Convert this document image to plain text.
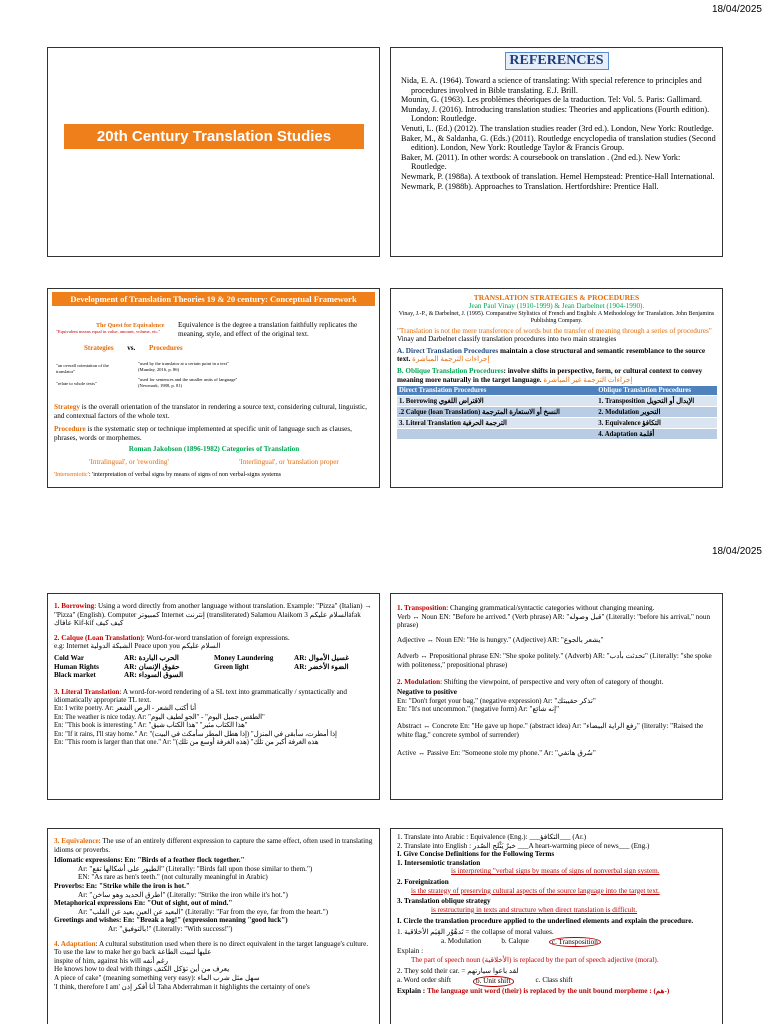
18/04/2025
18/04/2025
20th Century Translation Studies
REFERENCES
Nida, E. A. (1964). Toward a science of translating: With special reference to principles and procedures involved in Bible translating. E.J. Brill.
Mounin, G. (1963). Les problèmes théoriques de la traduction. Tel: Vol. 5. Paris: Gallimard.
Munday, J. (2016). Introducing translation studies: Theories and applications (Fourth edition). London: Routledge.
Venuti, L. (Ed.) (2012). The translation studies reader (3rd ed.). London, New York: Routledge.
Baker, M., & Saldanha, G. (Eds.) (2011). Routledge encyclopedia of translation studies (Second edition). London, New York: Routledge Taylor & Francis Group.
Baker, M. (2011). In other words: A coursebook on translation . (2nd ed.). New York: Routledge.
Newmark, P. (1988a). A textbook of translation. Hemel Hempstead: Prentice-Hall International.
Newmark, P. (1988b). Approaches to Translation. Hertfordshire: Prentice Hall.
Development of Translation Theories 19 & 20 century: Conceptual Framework
The Quest for Equivalence
"Equivalent means equal in value, amount, volume, etc."
Strategies vs. Procedures
"an overall orientation of the translator"
"relate to whole texts"
"used by the translator at a certain point in a text" (Munday, 2016, p. 86)
"used for sentences and the smaller units of language" (Newmark, 1988, p. 81)
Equivalence is the degree a translation faithfully replicates the meaning, style, and effect of the original text.
Strategy is the overall orientation of the translator in rendering a source text, considering cultural, linguistic, and contextual factors of the whole text.
Procedure is the systematic step or technique implemented at specific unit of language such as clauses, phrases, words or morphemes.
Roman Jakobson (1896-1982) Categories of Translation
'Intralingual', or 'rewording'	'Interlingual', or 'translation proper
'Intersemiotic': 'interpretation of verbal signs by means of signs of non verbal-signs systems
TRANSLATION STRATEGIES & PROCEDURES
Jean Paul Vinay (1910-1999) & Jean Darbelnet (1904-1990).
Vinay, J.-P., & Darbelnet, J. (1995). Comparative Stylistics of French and English: A Methodology for Translation. John Benjamins Publishing Company.
"Translation is not the mere transference of words but the transfer of meaning through a series of procedures" Vinay and Darbelnet classify translation procedures into two main strategies
A. Direct Translation Procedures maintain a close structural and semantic resemblance to the source text. إجراءات الترجمة المباشرة
B. Oblique Translation Procedures: involve shifts in perspective, form, or cultural context to convey meaning more naturally in the target language. إجراءات الترجمة غير المباشرة
Direct Translation Procedures	Oblique Translation Procedures
1. Borrowing الاقتراض اللغوي	1. Transposition الإبدال أو التحويل
.2 Calque (loan Translation) النسخ أو الاستعارة المترجمة	2. Modulation التحوير
3. Literal Translation الترجمة الحرفية	3. Equivalence التكافؤ
	4. Adaptation أقلمة
1. Borrowing: Using a word directly from another language without translation. Example: "Pizza" (Italian) → "Pizza" (English). Computer كمبيوتر Internet إنترنت (transliterated) Salamou Alaikom السلام عليكم 3afak عافاك Kif-kif كيف كيف
2. Calque (Loan Translation): Word-for-word translation of foreign expressions.
e.g: Internet الشبكة الدولية Peace upon you السلام عليكم
Cold War	AR: الحرب الباردة	Money Laundering	AR: غسيل الأموال
Human Rights	AR: حقوق الإنسان	Green light	AR: الضوء الأخضر
Black market	AR: السوق السوداء
3. Literal Translation: A word-for-word rendering of a SL text into grammatically / syntactically and idiomatically appropriate TL text.
En: I write poetry. Ar: أنا أكتب الشعر - الرص الشعر
En: The weather is nice today. Ar: "الطقس جميل اليوم" - "الجو لطيف اليوم"
En: "This book is interesting." Ar: "هذا الكتاب مثير" "هذا الكتاب شيق"
En: "If it rains, I'll stay home." Ar: "إذا أمطرت، سأبقى في المنزل" (إذا هطل المطر سأمكث في البيت)
En: "This room is larger than that one." Ar: "هذه الغرفة أكبر من تلك" (هذه الغرفة أوسع من تلك)
1. Transposition: Changing grammatical/syntactic categories without changing meaning.
Verb ↔ Noun EN: "Before he arrived." (Verb phrase) AR: "قبل وصوله" (Literally: "before his arrival," noun phrase)
Adjective ↔ Noun EN: "He is hungry." (Adjective) AR: "يشعر بالجوع"
Adverb ↔ Prepositional phrase EN: "She spoke politely." (Adverb) AR: "تحدثت بأدب" (Literally: "she spoke with politeness," prepositional phrase)
2. Modulation: Shifting the viewpoint, of perspective and very often of category of thought.
Negative to positive
En: "Don't forget your bag." (negative expression) Ar: "تذكر حقيبتك"
En: "It's not uncommon." (negative form) Ar: "إنه شائع"
Abstract ↔ Concrete En: "He gave up hope." (abstract idea) Ar: "رفع الراية البيضاء" (literally: "Raised the white flag," concrete symbol of surrender)
Active ↔ Passive En: "Someone stole my phone." Ar: "سُرق هاتفي"
3. Equivalence: The use of an entirely different expression to capture the same effect, often used in translating idioms or proverbs.
Idiomatic expressions: En: "Birds of a feather flock together."
Ar: "الطيور على أشكالها تقع" (Literally: "Birds fall upon those similar to them.")
EN: "As rare as hen's teeth." (not culturally meaningful in Arabic)
Proverbs: En: "Strike while the iron is hot."
Ar: "اطرق الحديد وهو ساخن" (Literally: "Strike the iron while it's hot.")
Metaphorical expressions En: "Out of sight, out of mind."
Ar: "البعيد عن العين بعيد عن القلب" (Literally: "Far from the eye, far from the heart.")
Greetings and wishes: En: "Break a leg!" (expression meaning "good luck")
Ar: "بالتوفيق!" (Literally: "With success!")
4. Adaptation: A cultural substitution used when there is no direct equivalent in the target language's culture.
To use the law to make her go back عليها لتبيت الطاعة
inspite of him, against his will رغم أنفه
He knows how to deal with things يعرف من أين تؤكل الكتف
A piece of cake" (meaning something very easy): سهل مثل شرب الماء
'I think, therefore I am' أنا أفكر إذن Taha Abderrahman it highlights the certainty of one's
1. Translate into Arabic : Equivalence (Eng.): ___التكافؤ___ (Ar.)
2. Translate into English : خبرٌ يَثْلج الصّدر ___A heart-warming piece of news___ (Eng.)
I. Give Concise Definitions for the Following Terms
1. Intersemiotic translation
is interpreting "verbal signs by means of signs of nonverbal sign system.
2. Foreignization
is the strategy of preserving cultural aspects of the source language into the target text.
3. Translation oblique strategy
is restructuring in texts and structure when direct translation is difficult.
I. Circle the translation procedure applied to the underlined elements and explain the procedure.
1. تَدهْوُر القِيَم الأخلاقية = the collapse of moral values.
a. Modulation	b. Calque	c. Transposition
Explain :
The part of speech noun (الأخلاقية) is replaced by the part of speech adjective (moral).
2. They sold their car. = لقد باعوا سيارتهم
a. Word order shift	b. Unit shift	c. Class shift
Explain : The language unit word (their) is replaced by the unit bound morpheme : (هم-)
